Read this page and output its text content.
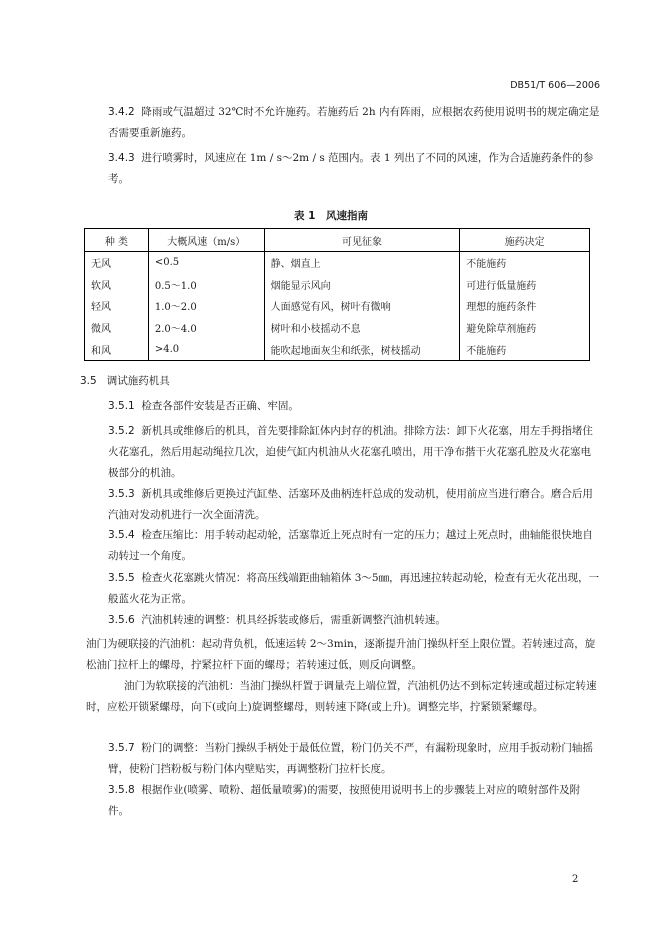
DB51/T 606—2006
3.4.2 降雨或气温超过 32℃时不允许施药。若施药后 2h 内有阵雨，应根据农药使用说明书的规定确定是否需要重新施药。
3.4.3 进行喷雾时，风速应在 1m / s～2m / s 范围内。表 1 列出了不同的风速，作为合适施药条件的参考。
表 1　风速指南
种 类	大概风速（m/s）	可见征象	施药决定
无风	<0.5	静、烟直上	不能施药
软风	0.5～1.0	烟能显示风向	可进行低量施药
轻风	1.0～2.0	人面感觉有风，树叶有微响	理想的施药条件
微风	2.0～4.0	树叶和小枝摇动不息	避免除草剂施药
和风	>4.0	能吹起地面灰尘和纸张，树枝摇动	不能施药
3.5 调试施药机具
3.5.1 检查各部件安装是否正确、牢固。
3.5.2 新机具或维修后的机具，首先要排除缸体内封存的机油。排除方法：卸下火花塞，用左手拇指堵住火花塞孔，然后用起动绳拉几次，迫使气缸内机油从火花塞孔喷出，用干净布揩干火花塞孔腔及火花塞电极部分的机油。
3.5.3 新机具或维修后更换过汽缸垫、活塞环及曲柄连杆总成的发动机，使用前应当进行磨合。磨合后用汽油对发动机进行一次全面清洗。
3.5.4 检查压缩比：用手转动起动轮，活塞靠近上死点时有一定的压力；越过上死点时，曲轴能很快地自动转过一个角度。
3.5.5 检查火花塞跳火情况：将高压线端距曲轴箱体 3～5㎜，再迅速拉转起动轮，检查有无火花出现，一般蓝火花为正常。
3.5.6 汽油机转速的调整：机具经拆装或修后，需重新调整汽油机转速。
油门为硬联接的汽油机：起动背负机，低速运转 2～3min，逐渐提升油门操纵杆至上限位置。若转速过高，旋松油门拉杆上的螺母，拧紧拉杆下面的螺母；若转速过低，则反向调整。
油门为软联接的汽油机：当油门操纵杆置于调量壳上端位置，汽油机仍达不到标定转速或超过标定转速时，应松开锁紧螺母，向下(或向上)旋调整螺母，则转速下降(或上升)。调整完毕，拧紧锁紧螺母。
3.5.7 粉门的调整：当粉门操纵手柄处于最低位置，粉门仍关不严，有漏粉现象时，应用手扳动粉门轴摇臂，使粉门挡粉板与粉门体内壁贴实，再调整粉门拉杆长度。
3.5.8 根据作业(喷雾、喷粉、超低量喷雾)的需要，按照使用说明书上的步骤装上对应的喷射部件及附件。
2
